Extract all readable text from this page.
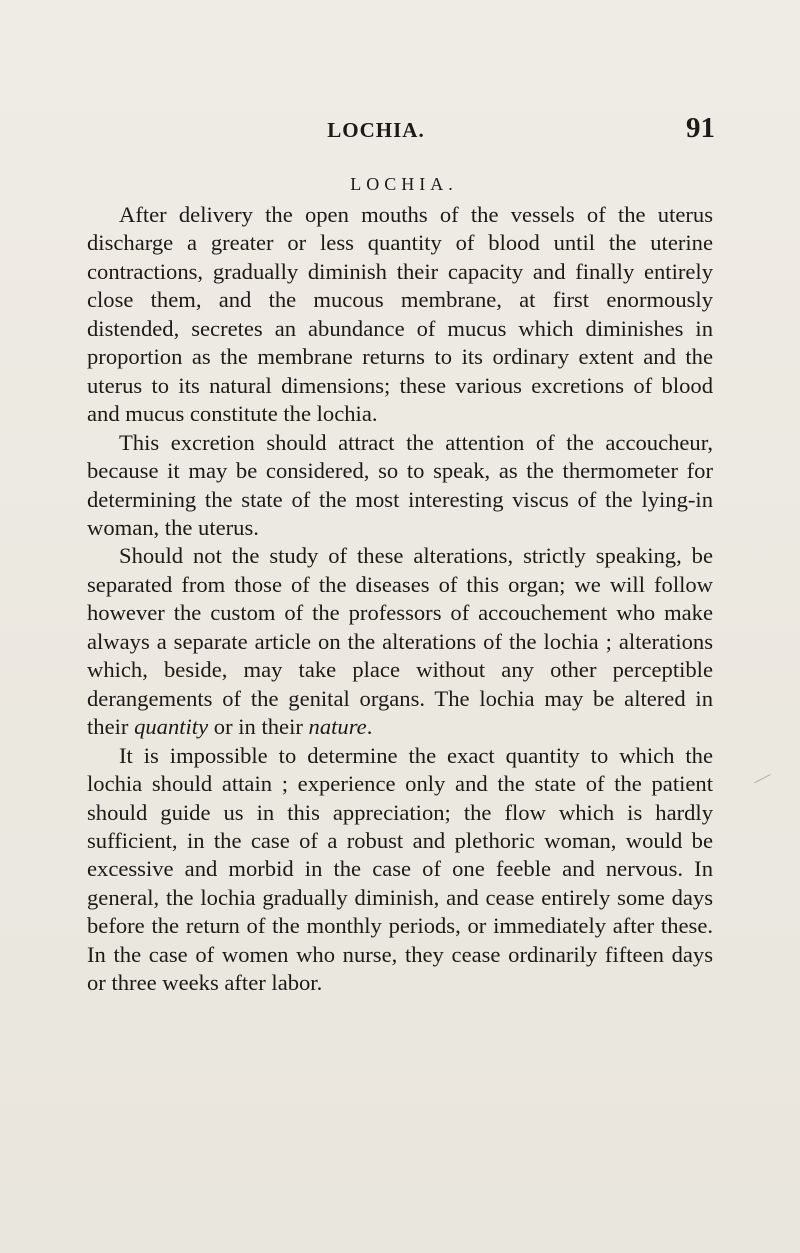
LOCHIA.	91
LOCHIA.

After delivery the open mouths of the vessels of the uterus discharge a greater or less quantity of blood until the uterine contractions, gradually diminish their capacity and finally entirely close them, and the mucous membrane, at first enormously distended, secretes an abundance of mucus which diminishes in proportion as the membrane returns to its ordinary extent and the uterus to its natural dimensions; these various excretions of blood and mucus constitute the lochia.

This excretion should attract the attention of the accoucheur, because it may be considered, so to speak, as the thermometer for determining the state of the most interesting viscus of the lying-in woman, the uterus.

Should not the study of these alterations, strictly speaking, be separated from those of the diseases of this organ; we will follow however the custom of the professors of accouchement who make always a separate article on the alterations of the lochia ; alterations which, beside, may take place without any other perceptible derangements of the genital organs. The lochia may be altered in their quantity or in their nature.

It is impossible to determine the exact quantity to which the lochia should attain ; experience only and the state of the patient should guide us in this appreciation; the flow which is hardly sufficient, in the case of a robust and plethoric woman, would be excessive and morbid in the case of one feeble and nervous. In general, the lochia gradually diminish, and cease entirely some days before the return of the monthly periods, or immediately after these. In the case of women who nurse, they cease ordinarily fifteen days or three weeks after labor.
